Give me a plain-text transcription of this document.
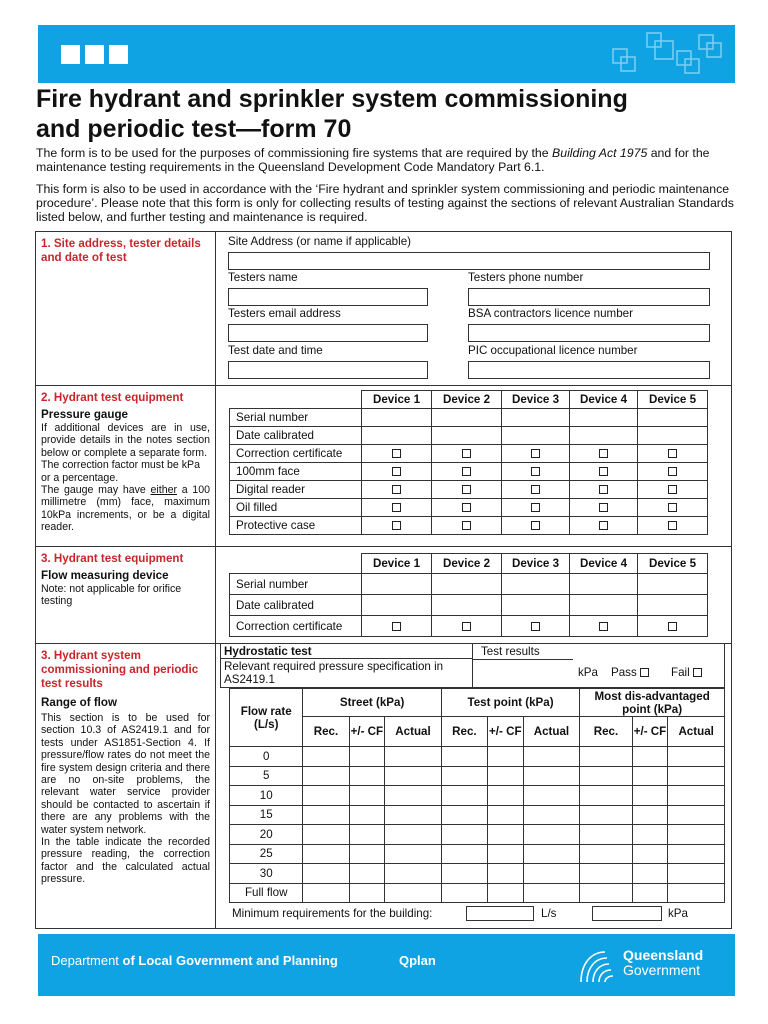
Fire hydrant and sprinkler system commissioning
and periodic test—form 70
The form is to be used for the purposes of commissioning fire systems that are required by the Building Act 1975 and for the maintenance testing requirements in the Queensland Development Code Mandatory Part 6.1.
This form is also to be used in accordance with the ‘Fire hydrant and sprinkler system commissioning and periodic maintenance procedure’. Please note that this form is only for collecting results of testing against the sections of relevant Australian Standards listed below, and further testing and maintenance is required.
1. Site address, tester details and date of test
Site Address (or name if applicable)
Testers name	Testers phone number
Testers email address	BSA contractors licence number
Test date and time	PIC occupational licence number
2. Hydrant test equipment
Pressure gauge
If additional devices are in use, provide details in the notes section below or complete a separate form.
The correction factor must be kPa or a percentage.
The gauge may have either a 100 millimetre (mm) face, maximum 10kPa increments, or be a digital reader.
	Device 1	Device 2	Device 3	Device 4	Device 5
Serial number					
Date calibrated					
Correction certificate					
100mm face					
Digital reader					
Oil filled					
Protective case					
3. Hydrant test equipment
Flow measuring device
Note: not applicable for orifice testing
	Device 1	Device 2	Device 3	Device 4	Device 5
Serial number					
Date calibrated					
Correction certificate					
3. Hydrant system commissioning and periodic test results
Range of flow
This section is to be used for section 10.3 of AS2419.1 and for tests under AS1851-Section 4. If pressure/flow rates do not meet the fire system design criteria and there are no on-site problems, the relevant water service provider should be contacted to ascertain if there are any problems with the water system network.
In the table indicate the recorded pressure reading, the correction factor and the calculated actual pressure.
Hydrostatic test	Test results
Relevant required pressure specification in AS2419.1
kPa Pass	Fail
Flow rate (L/s)	Street (kPa)			Test point (kPa)			Most dis-advantaged point (kPa)		
	Rec.	+/- CF	Actual	Rec.	+/- CF	Actual	Rec.	+/- CF	Actual
0									
5									
10									
15									
20									
25									
30									
Full flow									
Minimum requirements for the building:	L/s	kPa
Department of Local Government and Planning	Qplan	Queensland
Government
